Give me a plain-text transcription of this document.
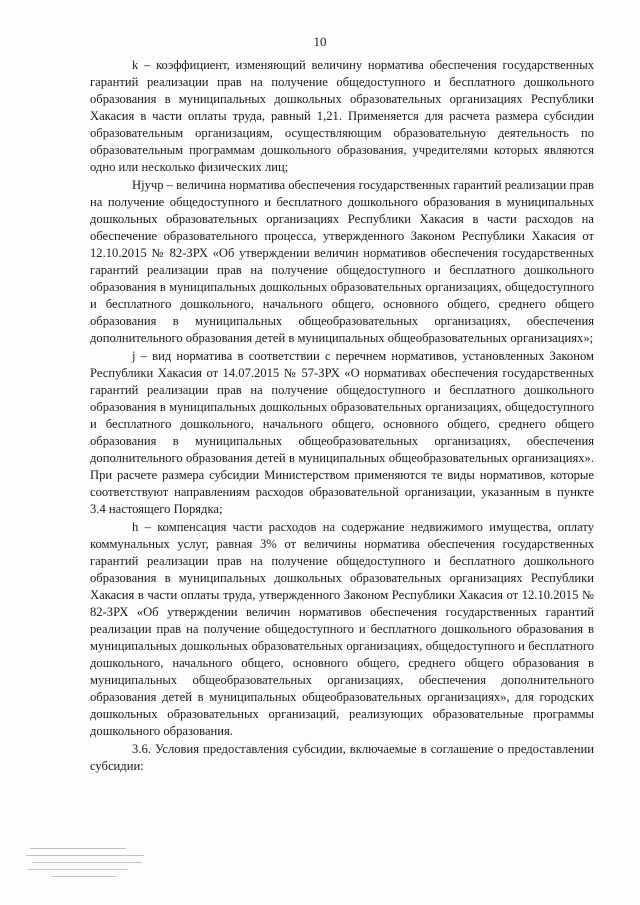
10

k – коэффициент, изменяющий величину норматива обеспечения государственных гарантий реализации прав на получение общедоступного и бесплатного дошкольного образования в муниципальных дошкольных образовательных организациях Республики Хакасия в части оплаты труда, равный 1,21. Применяется для расчета размера субсидии образовательным организациям, осуществляющим образовательную деятельность по образовательным программам дошкольного образования, учредителями которых являются одно или несколько физических лиц;

Hjучр – величина норматива обеспечения государственных гарантий реализации прав на получение общедоступного и бесплатного дошкольного образования в муниципальных дошкольных образовательных организациях Республики Хакасия в части расходов на обеспечение образовательного процесса, утвержденного Законом Республики Хакасия от 12.10.2015 № 82-ЗРХ «Об утверждении величин нормативов обеспечения государственных гарантий реализации прав на получение общедоступного и бесплатного дошкольного образования в муниципальных дошкольных образовательных организациях, общедоступного и бесплатного дошкольного, начального общего, основного общего, среднего общего образования в муниципальных общеобразовательных организациях, обеспечения дополнительного образования детей в муниципальных общеобразовательных организациях»;

j – вид норматива в соответствии с перечнем нормативов, установленных Законом Республики Хакасия от 14.07.2015 № 57-ЗРХ «О нормативах обеспечения государственных гарантий реализации прав на получение общедоступного и бесплатного дошкольного образования в муниципальных дошкольных образовательных организациях, общедоступного и бесплатного дошкольного, начального общего, основного общего, среднего общего образования в муниципальных общеобразовательных организациях, обеспечения дополнительного образования детей в муниципальных общеобразовательных организациях». При расчете размера субсидии Министерством применяются те виды нормативов, которые соответствуют направлениям расходов образовательной организации, указанным в пункте 3.4 настоящего Порядка;

h – компенсация части расходов на содержание недвижимого имущества, оплату коммунальных услуг, равная 3% от величины норматива обеспечения государственных гарантий реализации прав на получение общедоступного и бесплатного дошкольного образования в муниципальных дошкольных образовательных организациях Республики Хакасия в части оплаты труда, утвержденного Законом Республики Хакасия от 12.10.2015 № 82-ЗРХ «Об утверждении величин нормативов обеспечения государственных гарантий реализации прав на получение общедоступного и бесплатного дошкольного образования в муниципальных дошкольных образовательных организациях, общедоступного и бесплатного дошкольного, начального общего, основного общего, среднего общего образования в муниципальных общеобразовательных организациях, обеспечения дополнительного образования детей в муниципальных общеобразовательных организациях», для городских дошкольных образовательных организаций, реализующих образовательные программы дошкольного образования.

3.6. Условия предоставления субсидии, включаемые в соглашение о предоставлении субсидии:
